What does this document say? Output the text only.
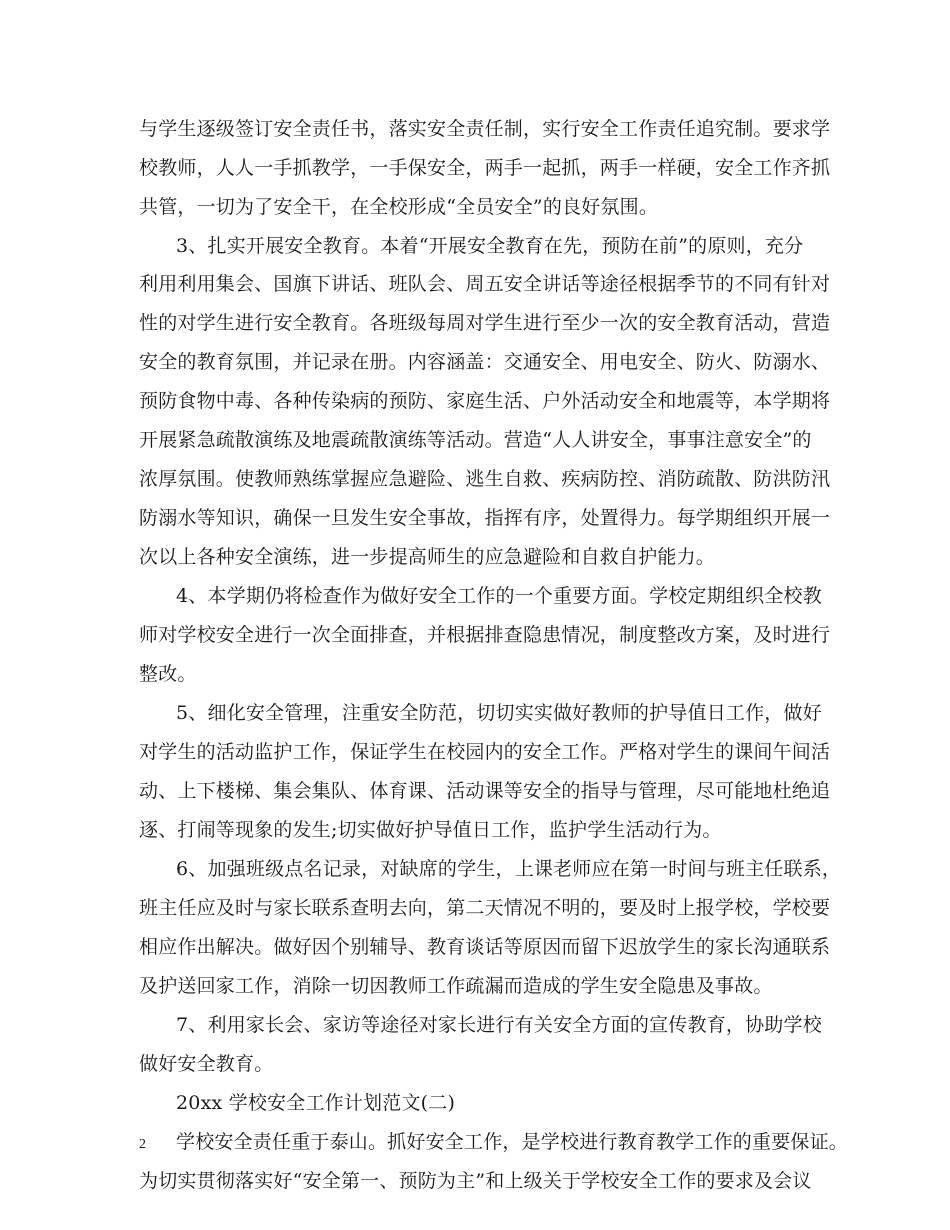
与学生逐级签订安全责任书，落实安全责任制，实行安全工作责任追究制。要求学
校教师，人人一手抓教学，一手保安全，两手一起抓，两手一样硬，安全工作齐抓
共管，一切为了安全干，在全校形成“全员安全”的良好氛围。
3、扎实开展安全教育。本着“开展安全教育在先，预防在前”的原则，充分
利用利用集会、国旗下讲话、班队会、周五安全讲话等途径根据季节的不同有针对
性的对学生进行安全教育。各班级每周对学生进行至少一次的安全教育活动，营造
安全的教育氛围，并记录在册。内容涵盖：交通安全、用电安全、防火、防溺水、
预防食物中毒、各种传染病的预防、家庭生活、户外活动安全和地震等，本学期将
开展紧急疏散演练及地震疏散演练等活动。营造“人人讲安全，事事注意安全”的
浓厚氛围。使教师熟练掌握应急避险、逃生自救、疾病防控、消防疏散、防洪防汛
防溺水等知识，确保一旦发生安全事故，指挥有序，处置得力。每学期组织开展一
次以上各种安全演练，进一步提高师生的应急避险和自救自护能力。
4、本学期仍将检查作为做好安全工作的一个重要方面。学校定期组织全校教
师对学校安全进行一次全面排查，并根据排查隐患情况，制度整改方案，及时进行
整改。
5、细化安全管理，注重安全防范，切切实实做好教师的护导值日工作，做好
对学生的活动监护工作，保证学生在校园内的安全工作。严格对学生的课间午间活
动、上下楼梯、集会集队、体育课、活动课等安全的指导与管理，尽可能地杜绝追
逐、打闹等现象的发生;切实做好护导值日工作，监护学生活动行为。
6、加强班级点名记录，对缺席的学生，上课老师应在第一时间与班主任联系，
班主任应及时与家长联系查明去向，第二天情况不明的，要及时上报学校，学校要
相应作出解决。做好因个别辅导、教育谈话等原因而留下迟放学生的家长沟通联系
及护送回家工作，消除一切因教师工作疏漏而造成的学生安全隐患及事故。
7、利用家长会、家访等途径对家长进行有关安全方面的宣传教育，协助学校
做好安全教育。
20xx 学校安全工作计划范文(二)
学校安全责任重于泰山。抓好安全工作，是学校进行教育教学工作的重要保证。
为切实贯彻落实好“安全第一、预防为主”和上级关于学校安全工作的要求及会议
2
